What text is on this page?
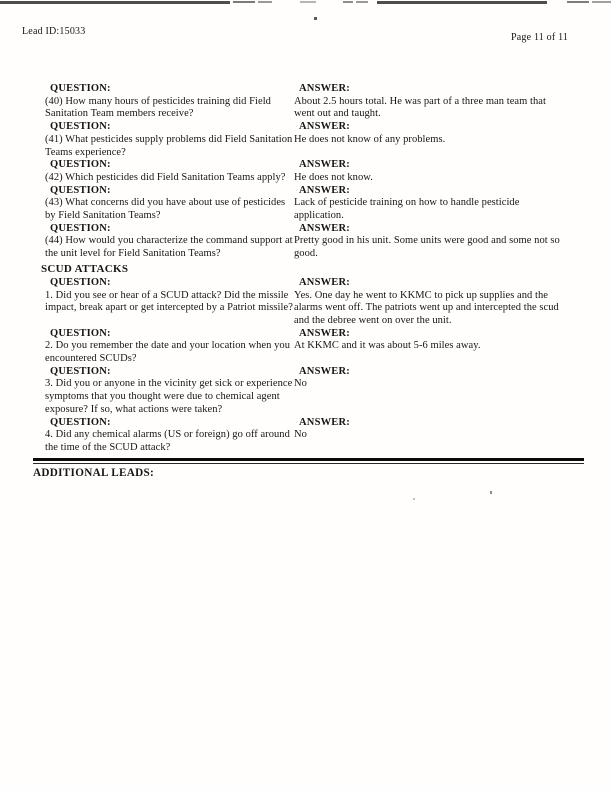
Lead ID:15033
Page 11 of 11
QUESTION:
(40) How many hours of pesticides training did Field Sanitation Team members receive?
ANSWER:
About 2.5 hours total. He was part of a three man team that went out and taught.
QUESTION:
(41) What pesticides supply problems did Field Sanitation Teams experience?
ANSWER:
He does not know of any problems.
QUESTION:
(42) Which pesticides did Field Sanitation Teams apply?
ANSWER:
He does not know.
QUESTION:
(43) What concerns did you have about use of pesticides by Field Sanitation Teams?
ANSWER:
Lack of pesticide training on how to handle pesticide application.
QUESTION:
(44) How would you characterize the command support at the unit level for Field Sanitation Teams?
ANSWER:
Pretty good in his unit. Some units were good and some not so good.
SCUD ATTACKS
QUESTION:
1. Did you see or hear of a SCUD attack? Did the missile impact, break apart or get intercepted by a Patriot missile?
ANSWER:
Yes. One day he went to KKMC to pick up supplies and the alarms went off. The patriots went up and intercepted the scud and the debree went on over the unit.
QUESTION:
2. Do you remember the date and your location when you encountered SCUDs?
ANSWER:
At KKMC and it was about 5-6 miles away.
QUESTION:
3. Did you or anyone in the vicinity get sick or experience symptoms that you thought were due to chemical agent exposure? If so, what actions were taken?
ANSWER:
No
QUESTION:
4. Did any chemical alarms (US or foreign) go off around the time of the SCUD attack?
ANSWER:
No
ADDITIONAL LEADS:
